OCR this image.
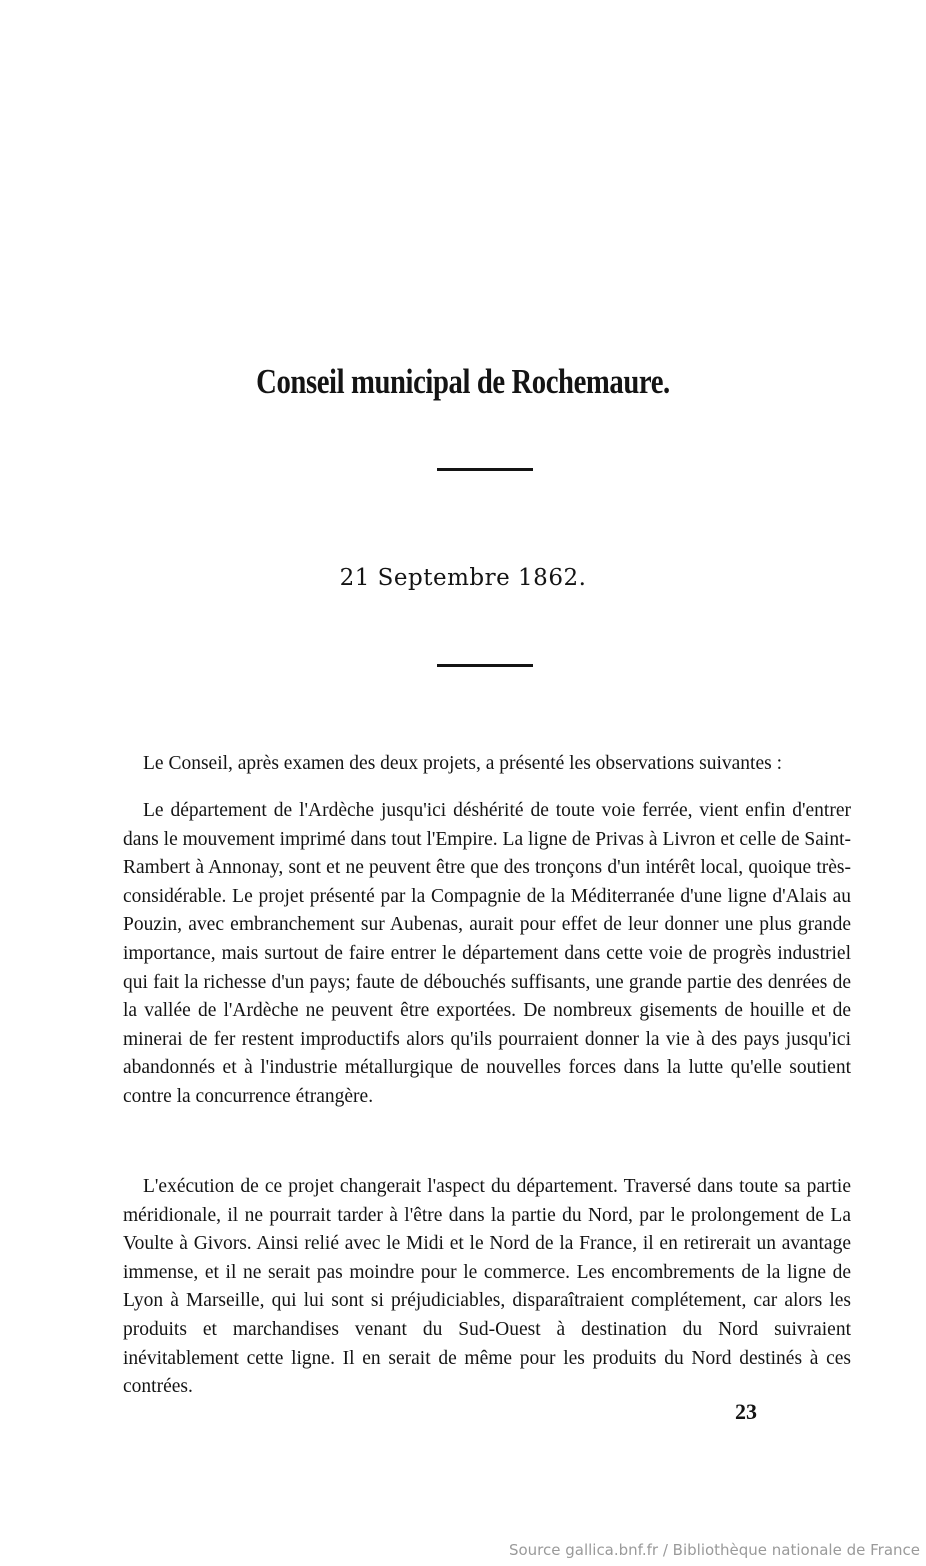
Conseil municipal de Rochemaure.
21 Septembre 1862.

Le Conseil, après examen des deux projets, a présenté les observations suivantes :

Le département de l'Ardèche jusqu'ici déshérité de toute voie ferrée, vient enfin d'entrer dans le mouvement imprimé dans tout l'Empire. La ligne de Privas à Livron et celle de Saint-Rambert à Annonay, sont et ne peuvent être que des tronçons d'un intérêt local, quoique très-considérable. Le projet présenté par la Compagnie de la Méditerranée d'une ligne d'Alais au Pouzin, avec embranchement sur Aubenas, aurait pour effet de leur donner une plus grande importance, mais surtout de faire entrer le département dans cette voie de progrès industriel qui fait la richesse d'un pays; faute de débouchés suffisants, une grande partie des denrées de la vallée de l'Ardèche ne peuvent être exportées. De nombreux gisements de houille et de minerai de fer restent improductifs alors qu'ils pourraient donner la vie à des pays jusqu'ici abandonnés et à l'industrie métallurgique de nouvelles forces dans la lutte qu'elle soutient contre la concurrence étrangère.

L'exécution de ce projet changerait l'aspect du département. Traversé dans toute sa partie méridionale, il ne pourrait tarder à l'être dans la partie du Nord, par le prolongement de La Voulte à Givors. Ainsi relié avec le Midi et le Nord de la France, il en retirerait un avantage immense, et il ne serait pas moindre pour le commerce. Les encombrements de la ligne de Lyon à Marseille, qui lui sont si préjudiciables, disparaîtraient complétement, car alors les produits et marchandises venant du Sud-Ouest à destination du Nord suivraient inévitablement cette ligne. Il en serait de même pour les produits du Nord destinés à ces contrées.

23
Source gallica.bnf.fr / Bibliothèque nationale de France
